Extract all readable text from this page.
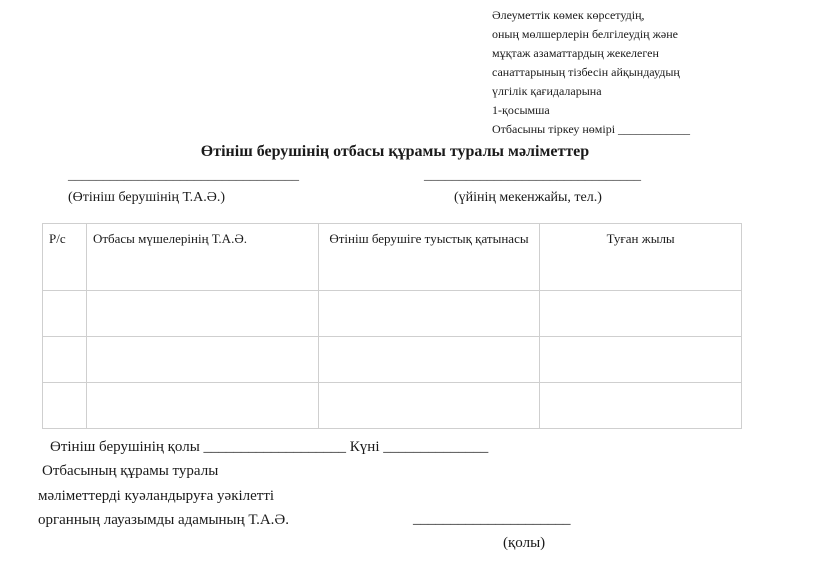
Әлеуметтік көмек көрсетудің,
оның мөлшерлерін белгілеудің және
мұқтаж азаматтардың жекелеген
санаттарының тізбесін айқындаудың
үлгілік қағидаларына
1-қосымша
Отбасыны тіркеу нөмірі ____________
Өтініш берушінің отбасы құрамы туралы мәліметтер
_________________________________
(Өтініш берушінің Т.А.Ә.)
_______________________________
(үйінің мекенжайы, тел.)
Р/с	Отбасы мүшелерінің Т.А.Ә.	Өтініш берушіге туыстық қатынасы	Туған жылы

Өтініш берушінің қолы ___________________ Күні ______________
Отбасының құрамы туралы
мәліметтерді куәландыруға уәкілетті
органның лауазымды адамының Т.А.Ә.	_____________________
(қолы)
